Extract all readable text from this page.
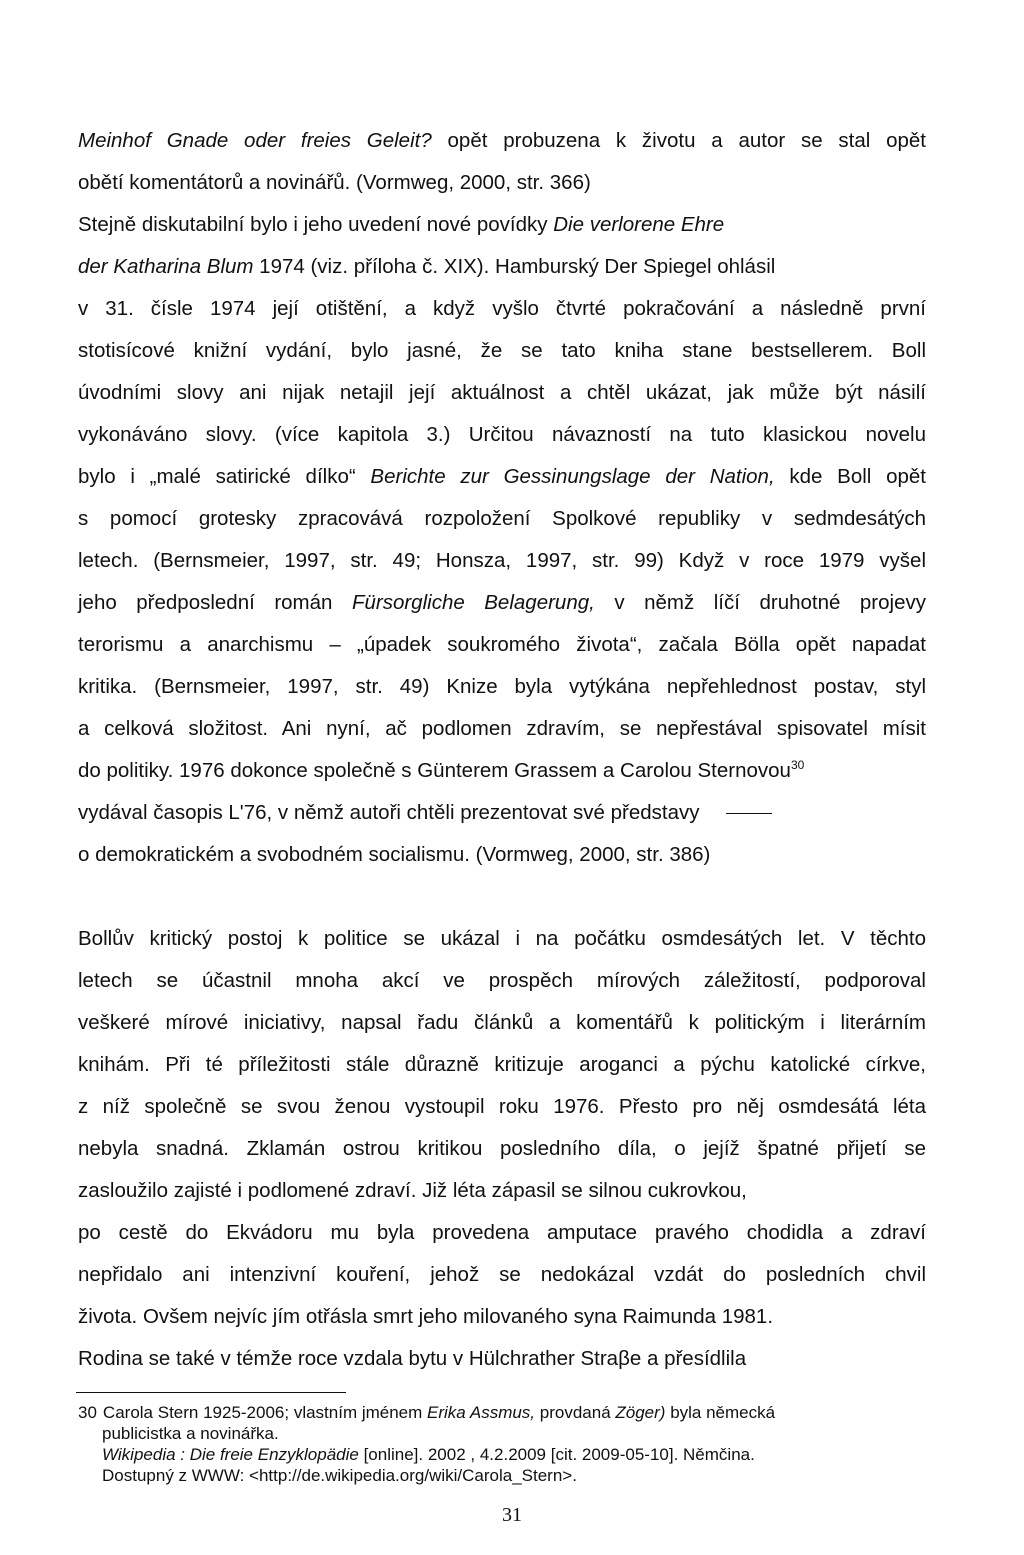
Meinhof Gnade oder freies Geleit? opět probuzena k životu a autor se stal opět
obětí komentátorů a novinářů. (Vormweg, 2000, str. 366)
Stejně diskutabilní bylo i jeho uvedení nové povídky Die verlorene Ehre
der Katharina Blum 1974 (viz. příloha č. XIX). Hamburský Der Spiegel ohlásil
v 31. čísle 1974 její otištění, a když vyšlo čtvrté pokračování a následně první
stotisícové knižní vydání, bylo jasné, že se tato kniha stane bestsellerem. Boll
úvodními slovy ani nijak netajil její aktuálnost a chtěl ukázat, jak může být násilí
vykonáváno slovy. (více kapitola 3.) Určitou návazností na tuto klasickou novelu
bylo i „malé satirické dílko“ Berichte zur Gessinungslage der Nation, kde Boll opět
s pomocí grotesky zpracovává rozpoložení Spolkové republiky v sedmdesátých
letech. (Bernsmeier, 1997, str. 49; Honsza, 1997, str. 99) Když v roce 1979 vyšel
jeho předposlední román Fürsorgliche Belagerung, v němž líčí druhotné projevy
terorismu a anarchismu – „úpadek soukromého života“, začala Bölla opět napadat
kritika. (Bernsmeier, 1997, str. 49) Knize byla vytýkána nepřehlednost postav, styl
a celková složitost. Ani nyní, ač podlomen zdravím, se nepřestával spisovatel mísit
do politiky. 1976 dokonce společně s Günterem Grassem a Carolou Sternovou$^{30}$
vydával časopis L'76, v němž autoři chtěli prezentovat své představy
o demokratickém a svobodném socialismu. (Vormweg, 2000, str. 386)
Bollův kritický postoj k politice se ukázal i na počátku osmdesátých let. V těchto
letech se účastnil mnoha akcí ve prospěch mírových záležitostí, podporoval
veškeré mírové iniciativy, napsal řadu článků a komentářů k politickým i literárním
knihám. Při té příležitosti stále důrazně kritizuje aroganci a pýchu katolické církve,
z níž společně se svou ženou vystoupil roku 1976. Přesto pro něj osmdesátá léta
nebyla snadná. Zklamán ostrou kritikou posledního díla, o jejíž špatné přijetí se
zasloužilo zajisté i podlomené zdraví. Již léta zápasil se silnou cukrovkou,
po cestě do Ekvádoru mu byla provedena amputace pravého chodidla a zdraví
nepřidalo ani intenzivní kouření, jehož se nedokázal vzdát do posledních chvil
života. Ovšem nejvíc jím otřásla smrt jeho milovaného syna Raimunda 1981.
Rodina se také v témže roce vzdala bytu v Hülchrather Straβe a přesídlila
30 Carola Stern 1925-2006; vlastním jménem Erika Assmus, provdaná Zöger) byla německá
publicistka a novinářka.
Wikipedia : Die freie Enzyklopädie [online]. 2002 , 4.2.2009 [cit. 2009-05-10]. Němčina.
Dostupný z WWW: <http://de.wikipedia.org/wiki/Carola_Stern>.
31
